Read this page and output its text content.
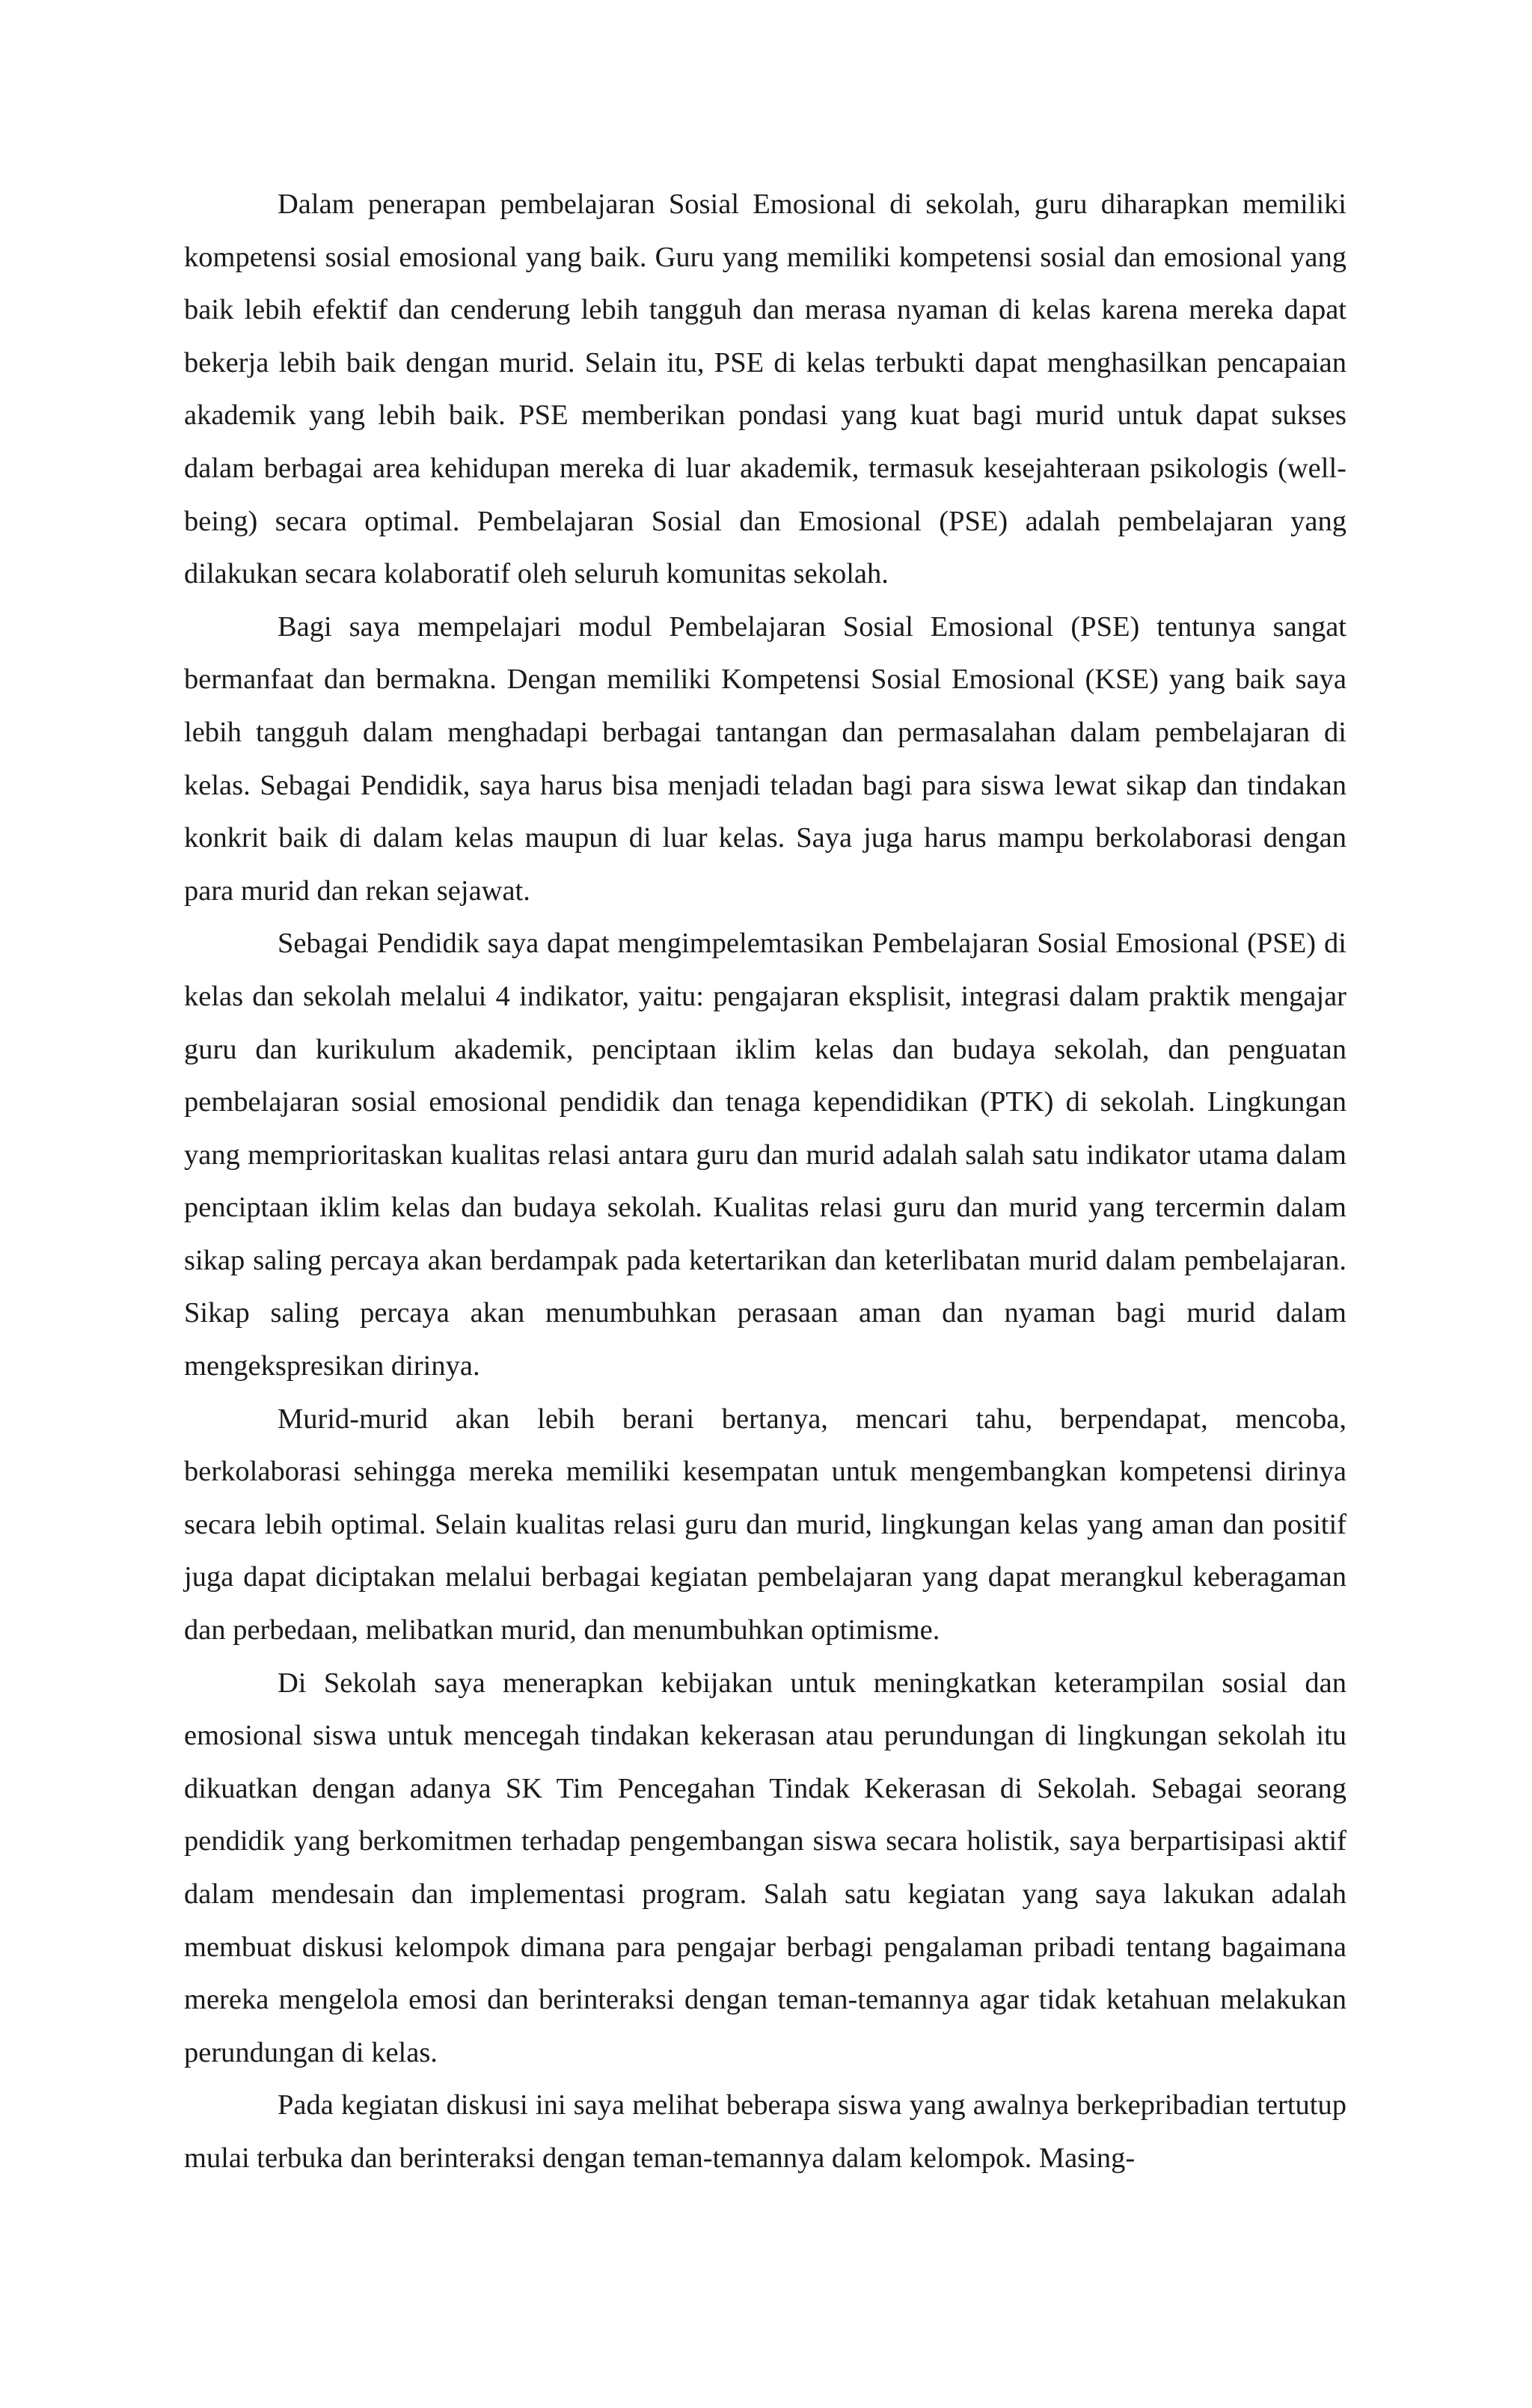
Dalam penerapan pembelajaran Sosial Emosional di sekolah, guru diharapkan memiliki kompetensi sosial emosional yang baik. Guru yang memiliki kompetensi sosial dan emosional yang baik lebih efektif dan cenderung lebih tangguh dan merasa nyaman di kelas karena mereka dapat bekerja lebih baik dengan murid. Selain itu, PSE di kelas terbukti dapat menghasilkan pencapaian akademik yang lebih baik. PSE memberikan pondasi yang kuat bagi murid untuk dapat sukses dalam berbagai area kehidupan mereka di luar akademik, termasuk kesejahteraan psikologis (well-being) secara optimal. Pembelajaran Sosial dan Emosional (PSE) adalah pembelajaran yang dilakukan secara kolaboratif oleh seluruh komunitas sekolah.

Bagi saya mempelajari modul Pembelajaran Sosial Emosional (PSE) tentunya sangat bermanfaat dan bermakna. Dengan memiliki Kompetensi Sosial Emosional (KSE) yang baik saya lebih tangguh dalam menghadapi berbagai tantangan dan permasalahan dalam pembelajaran di kelas. Sebagai Pendidik, saya harus bisa menjadi teladan bagi para siswa lewat sikap dan tindakan konkrit baik di dalam kelas maupun di luar kelas. Saya juga harus mampu berkolaborasi dengan para murid dan rekan sejawat.

Sebagai Pendidik saya dapat mengimpelemtasikan Pembelajaran Sosial Emosional (PSE) di kelas dan sekolah melalui 4 indikator, yaitu: pengajaran eksplisit, integrasi dalam praktik mengajar guru dan kurikulum akademik, penciptaan iklim kelas dan budaya sekolah, dan penguatan pembelajaran sosial emosional pendidik dan tenaga kependidikan (PTK) di sekolah. Lingkungan yang memprioritaskan kualitas relasi antara guru dan murid adalah salah satu indikator utama dalam penciptaan iklim kelas dan budaya sekolah. Kualitas relasi guru dan murid yang tercermin dalam sikap saling percaya akan berdampak pada ketertarikan dan keterlibatan murid dalam pembelajaran. Sikap saling percaya akan menumbuhkan perasaan aman dan nyaman bagi murid dalam mengekspresikan dirinya.

Murid-murid akan lebih berani bertanya, mencari tahu, berpendapat, mencoba, berkolaborasi sehingga mereka memiliki kesempatan untuk mengembangkan kompetensi dirinya secara lebih optimal. Selain kualitas relasi guru dan murid, lingkungan kelas yang aman dan positif juga dapat diciptakan melalui berbagai kegiatan pembelajaran yang dapat merangkul keberagaman dan perbedaan, melibatkan murid, dan menumbuhkan optimisme.

Di Sekolah saya menerapkan kebijakan untuk meningkatkan keterampilan sosial dan emosional siswa untuk mencegah tindakan kekerasan atau perundungan di lingkungan sekolah itu dikuatkan dengan adanya SK Tim Pencegahan Tindak Kekerasan di Sekolah. Sebagai seorang pendidik yang berkomitmen terhadap pengembangan siswa secara holistik, saya berpartisipasi aktif dalam mendesain dan implementasi program. Salah satu kegiatan yang saya lakukan adalah membuat diskusi kelompok dimana para pengajar berbagi pengalaman pribadi tentang bagaimana mereka mengelola emosi dan berinteraksi dengan teman-temannya agar tidak ketahuan melakukan perundungan di kelas.

Pada kegiatan diskusi ini saya melihat beberapa siswa yang awalnya berkepribadian tertutup mulai terbuka dan berinteraksi dengan teman-temannya dalam kelompok. Masing-
